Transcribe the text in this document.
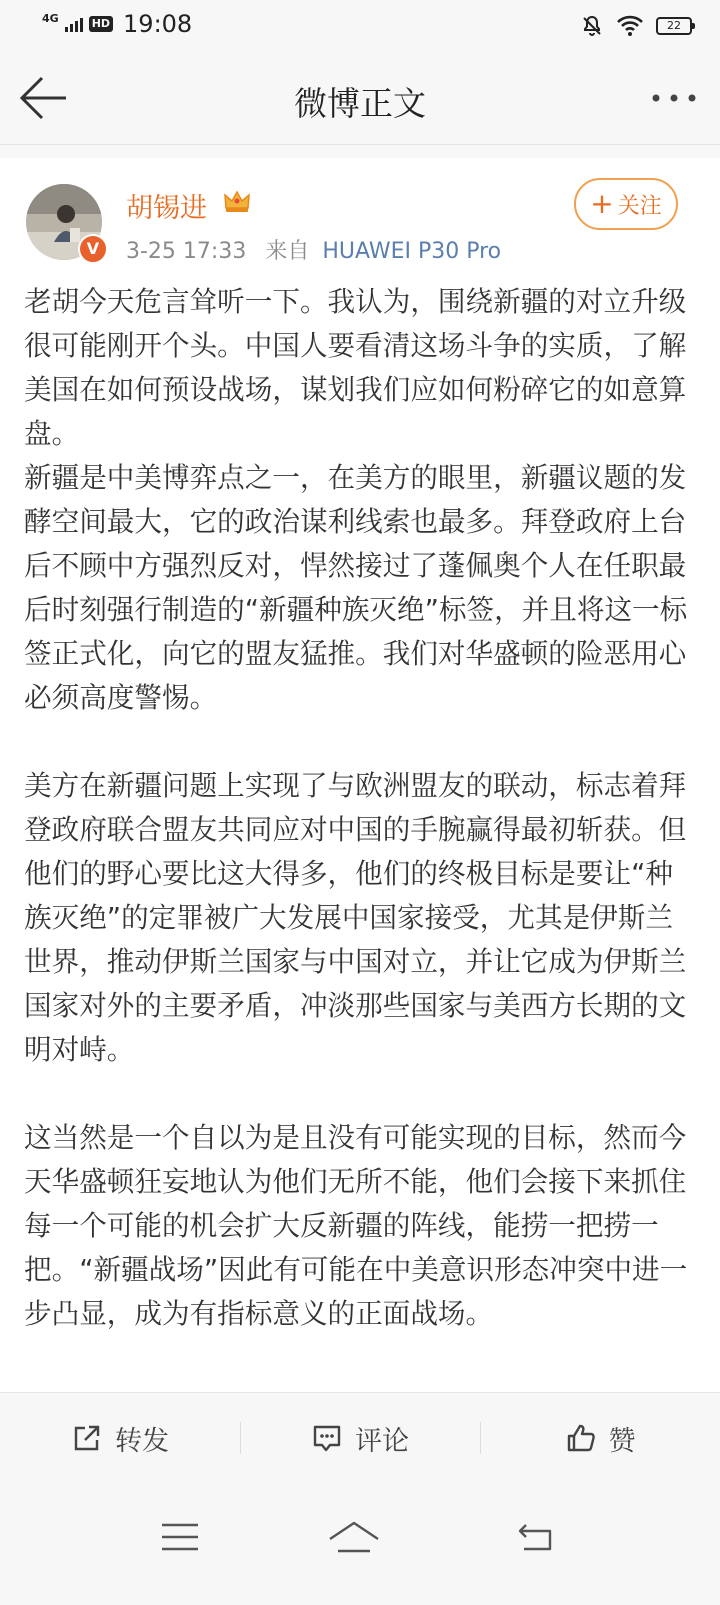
4G	HD 19:08	22
微博正文
V
胡锡进
3-25 17:33 来自 HUAWEI P30 Pro
+ 关注

老胡今天危言耸听一下。我认为，围绕新疆的对立升级很可能刚开个头。中国人要看清这场斗争的实质，了解美国在如何预设战场，谋划我们应如何粉碎它的如意算盘。

新疆是中美博弈点之一，在美方的眼里，新疆议题的发酵空间最大，它的政治谋利线索也最多。拜登政府上台后不顾中方强烈反对，悍然接过了蓬佩奥个人在任职最后时刻强行制造的“新疆种族灭绝”标签，并且将这一标签正式化，向它的盟友猛推。我们对华盛顿的险恶用心必须高度警惕。

美方在新疆问题上实现了与欧洲盟友的联动，标志着拜登政府联合盟友共同应对中国的手腕赢得最初斩获。但他们的野心要比这大得多，他们的终极目标是要让“种族灭绝”的定罪被广大发展中国家接受，尤其是伊斯兰世界，推动伊斯兰国家与中国对立，并让它成为伊斯兰国家对外的主要矛盾，冲淡那些国家与美西方长期的文明对峙。

这当然是一个自以为是且没有可能实现的目标，然而今天华盛顿狂妄地认为他们无所不能，他们会接下来抓住每一个可能的机会扩大反新疆的阵线，能捞一把捞一把。“新疆战场”因此有可能在中美意识形态冲突中进一步凸显，成为有指标意义的正面战场。

转发	评论	赞
